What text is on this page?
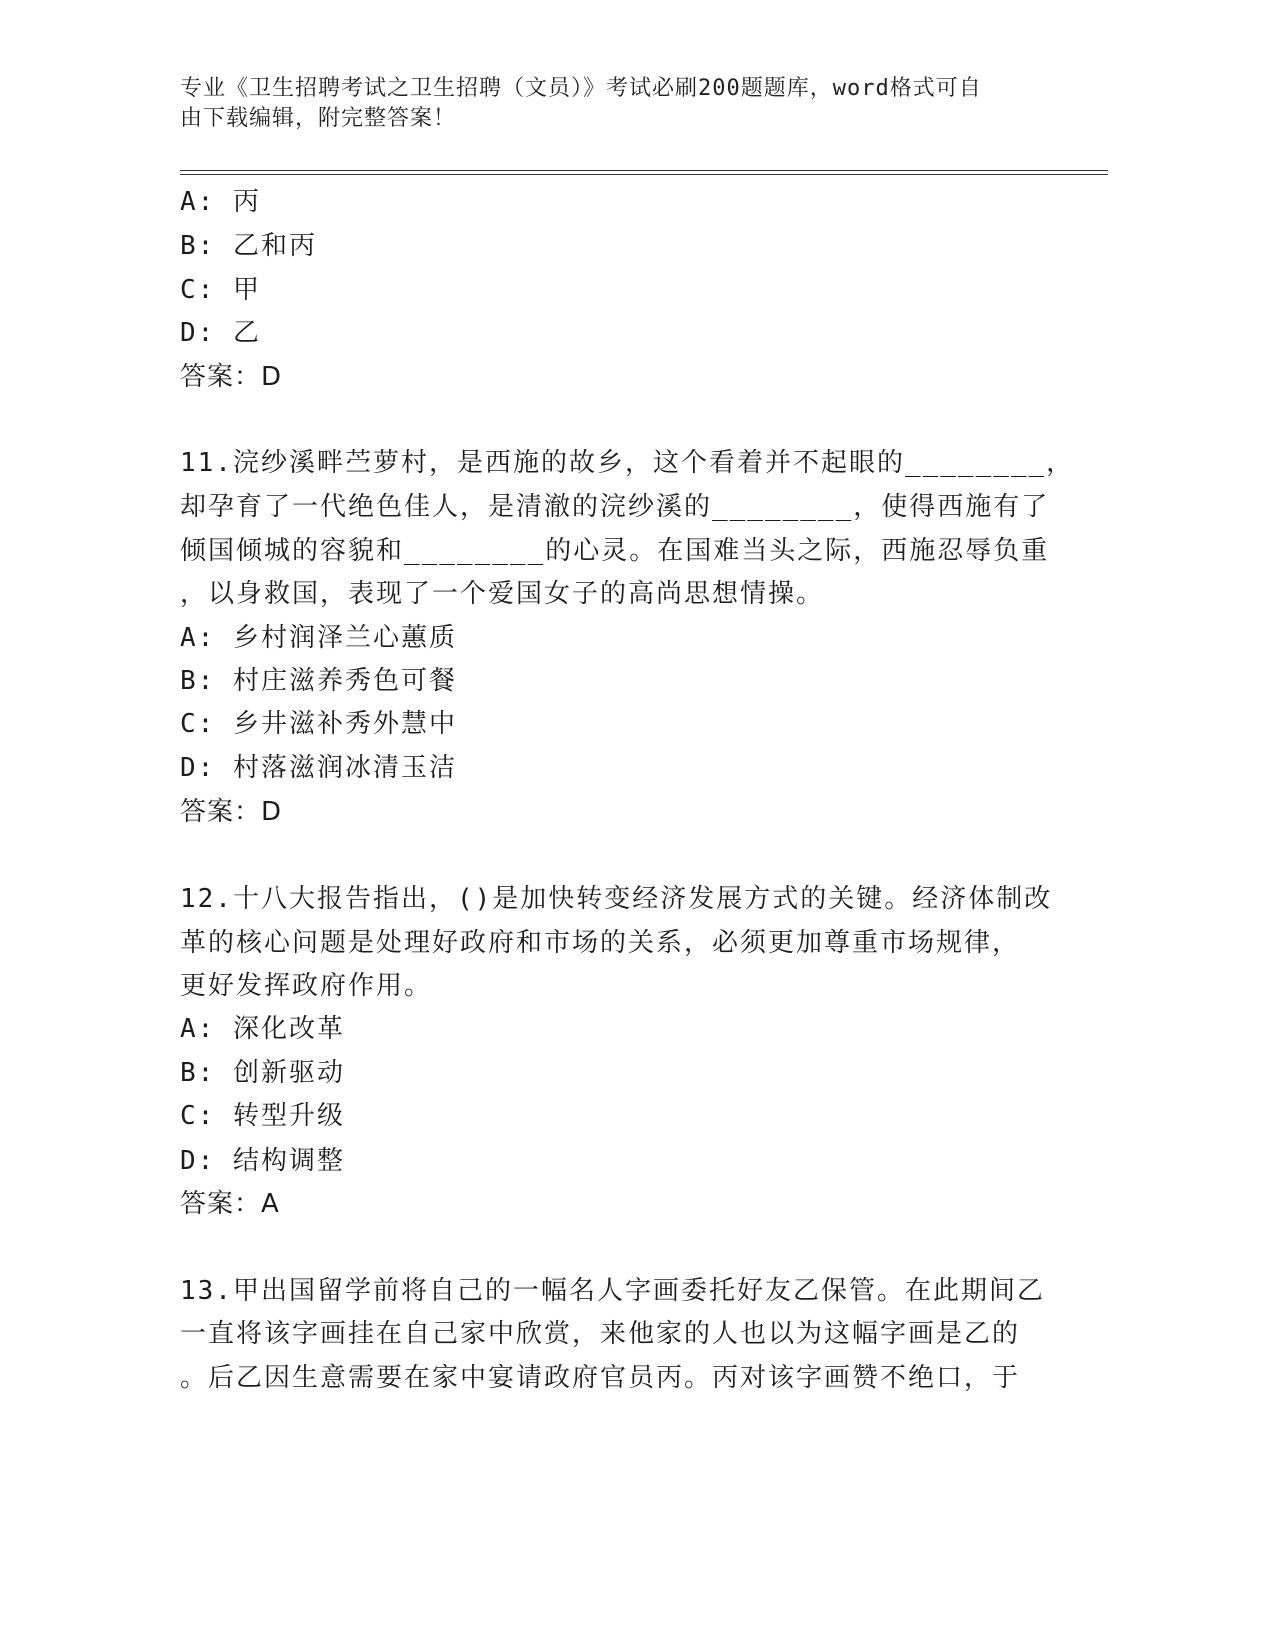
专业《卫生招聘考试之卫生招聘（文员）》考试必刷200题题库，word格式可自
由下载编辑，附完整答案！
A: 丙
B: 乙和丙
C: 甲
D: 乙
答案：D
11.浣纱溪畔苎萝村，是西施的故乡，这个看着并不起眼的________，
却孕育了一代绝色佳人，是清澈的浣纱溪的________，使得西施有了
倾国倾城的容貌和________的心灵。在国难当头之际，西施忍辱负重
，以身救国，表现了一个爱国女子的高尚思想情操。
A: 乡村润泽兰心蕙质
B: 村庄滋养秀色可餐
C: 乡井滋补秀外慧中
D: 村落滋润冰清玉洁
答案：D
12.十八大报告指出，()是加快转变经济发展方式的关键。经济体制改
革的核心问题是处理好政府和市场的关系，必须更加尊重市场规律，
更好发挥政府作用。
A: 深化改革
B: 创新驱动
C: 转型升级
D: 结构调整
答案：A
13.甲出国留学前将自己的一幅名人字画委托好友乙保管。在此期间乙
一直将该字画挂在自己家中欣赏，来他家的人也以为这幅字画是乙的
。后乙因生意需要在家中宴请政府官员丙。丙对该字画赞不绝口，于
